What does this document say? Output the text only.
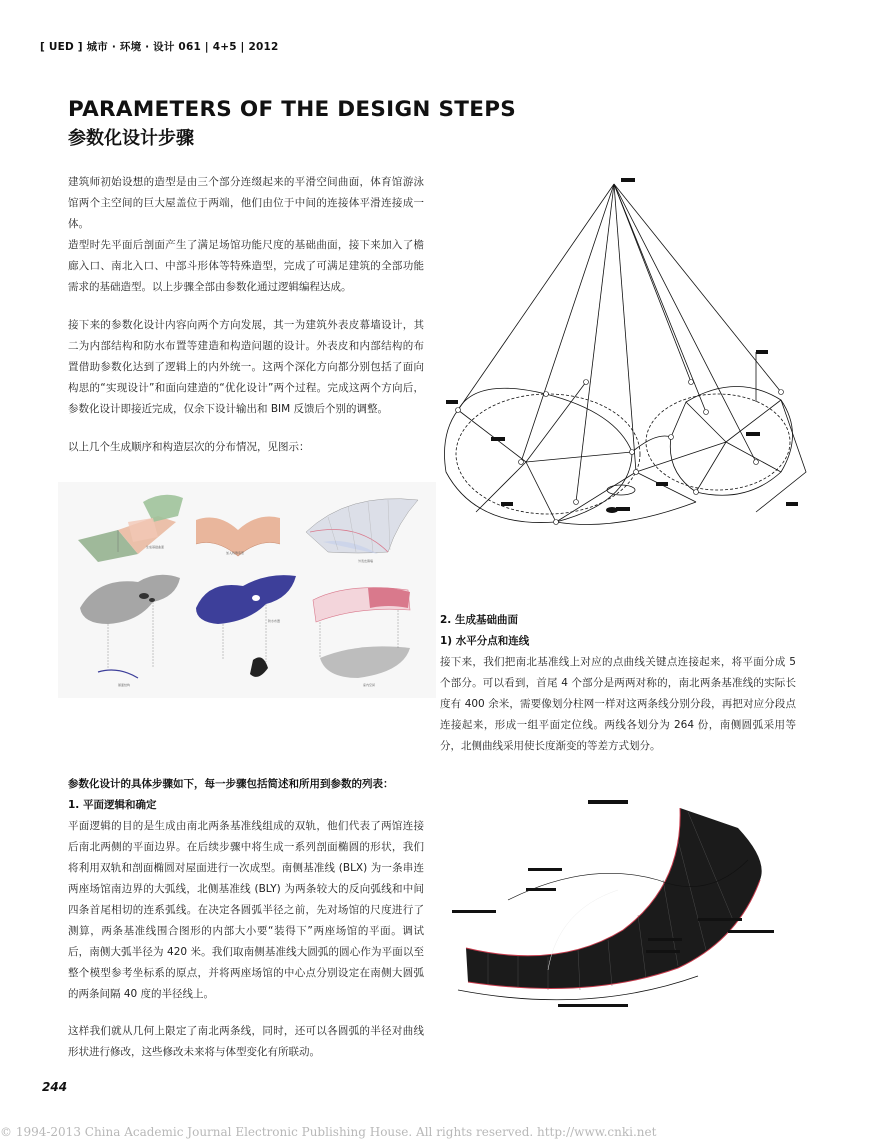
[ UED ] 城市 · 环境 · 设计 061 | 4+5 | 2012
PARAMETERS OF THE DESIGN STEPS
参数化设计步骤
建筑师初始设想的造型是由三个部分连缀起来的平滑空间曲面，体育馆游泳馆两个主空间的巨大屋盖位于两端，他们由位于中间的连接体平滑连接成一体。
造型时先平面后剖面产生了满足场馆功能尺度的基础曲面，接下来加入了檐廊入口、南北入口、中部斗形体等特殊造型，完成了可满足建筑的全部功能需求的基础造型。以上步骤全部由参数化通过逻辑编程达成。
接下来的参数化设计内容向两个方向发展，其一为建筑外表皮幕墙设计，其二为内部结构和防水布置等建造和构造问题的设计。外表皮和内部结构的布置借助参数化达到了逻辑上的内外统一。这两个深化方向都分别包括了面向构思的“实现设计”和面向建造的“优化设计”两个过程。完成这两个方向后，参数化设计即接近完成，仅余下设计输出和 BIM 反馈后个别的调整。
以上几个生成顺序和构造层次的分布情况，见图示：
生成基础曲面
加入特殊造型
外表皮幕墙
屋面结构
防水布置
室内空间
2. 生成基础曲面
1) 水平分点和连线
接下来，我们把南北基准线上对应的点曲线关键点连接起来，将平面分成 5 个部分。可以看到，首尾 4 个部分是两两对称的，南北两条基准线的实际长度有 400 余米，需要像划分柱网一样对这两条线分别分段，再把对应分段点连接起来，形成一组平面定位线。两线各划分为 264 份，南侧圆弧采用等分，北侧曲线采用使长度渐变的等差方式划分。
参数化设计的具体步骤如下，每一步骤包括简述和所用到参数的列表：
1. 平面逻辑和确定
平面逻辑的目的是生成由南北两条基准线组成的双轨，他们代表了两馆连接后南北两侧的平面边界。在后续步骤中将生成一系列剖面椭圆的形状，我们将利用双轨和剖面椭圆对屋面进行一次成型。南侧基准线 (BLX) 为一条串连两座场馆南边界的大弧线，北侧基准线 (BLY) 为两条较大的反向弧线和中间四条首尾相切的连系弧线。在决定各圆弧半径之前，先对场馆的尺度进行了测算，两条基准线围合图形的内部大小要“装得下”两座场馆的平面。调试后，南侧大弧半径为 420 米。我们取南侧基准线大圆弧的圆心作为平面以至整个模型参考坐标系的原点，并将两座场馆的中心点分别设定在南侧大圆弧的两条间隔 40 度的半径线上。
这样我们就从几何上限定了南北两条线，同时，还可以各圆弧的半径对曲线形状进行修改，这些修改未来将与体型变化有所联动。
244
© 1994-2013 China Academic Journal Electronic Publishing House. All rights reserved. http://www.cnki.net
